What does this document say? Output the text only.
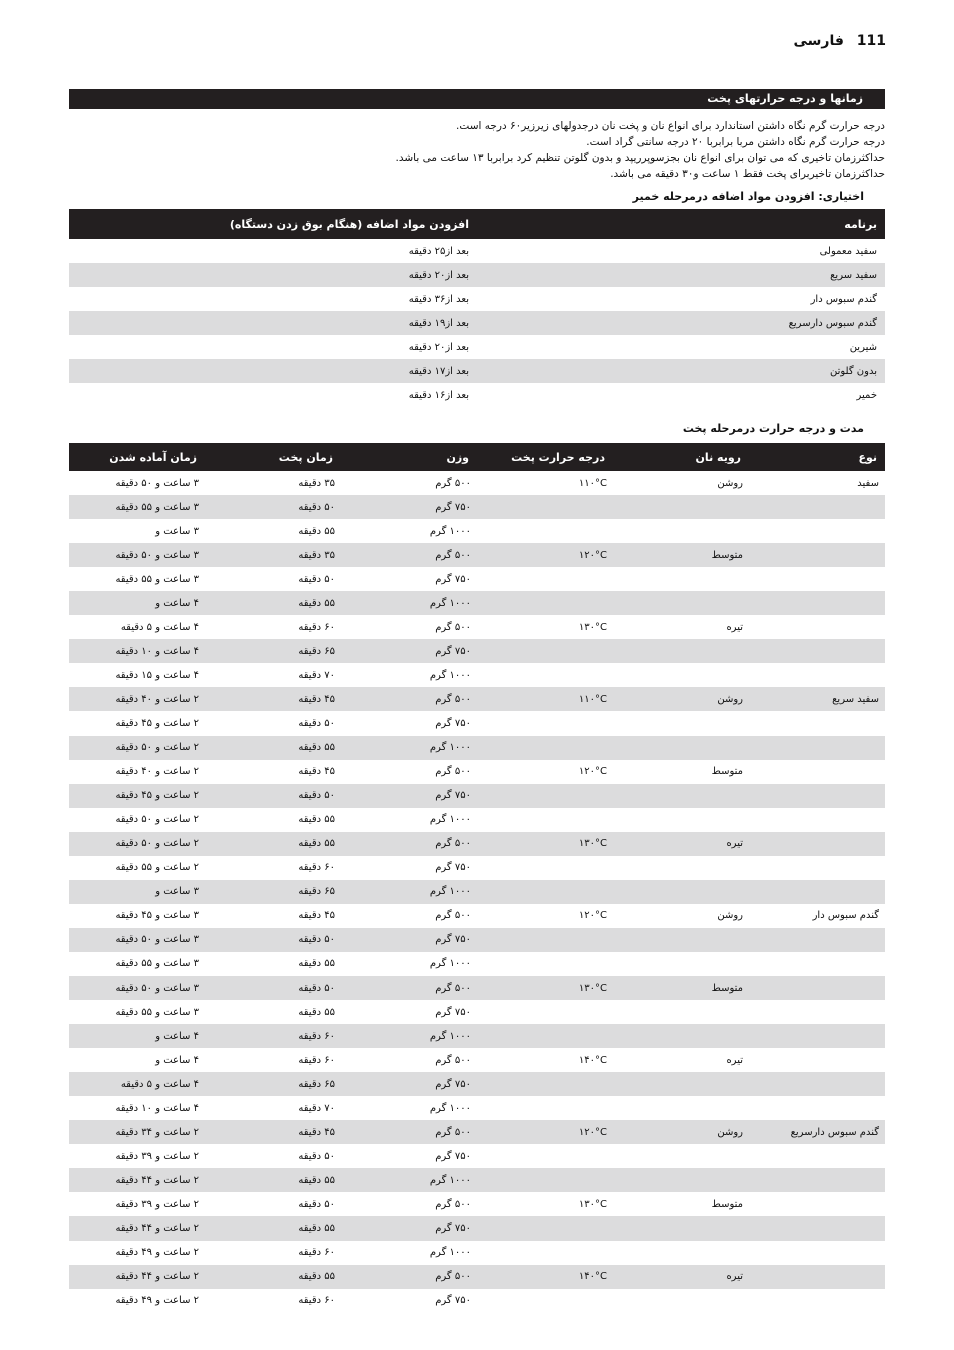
111 فارسی
زمانها و درجه حرارتهای پخت

درجه حرارت گرم نگاه داشتن استاندارد برای انواع نان و پخت نان درجدولهای زیرزیر۶۰ درجه است.

درجه حرارت گرم نگاه داشتن مربا برابربا ۲۰ درجه سانتی گراد است.

حداکثرزمان تاخیری که می توان برای انواع نان بجزسوپرریپد و بدون گلوتن تنظیم کرد برابربا ۱۳ ساعت می باشد.

حداکثرزمان تاخیربرای پخت فقط ۱ ساعت و۳۰ دقیقه می باشد.

اختیاری: افزودن مواد اضافه درمرحله خمیر
برنامه	افزودن مواد اضافه (هنگام بوق زدن دستگاه)
سفید معمولی	بعد از۲۵ دقیقه
سفید سریع	بعد از۲۰ دقیقه
گندم سبوس دار	بعد از۳۶ دقیقه
گندم سبوس دارسریع	بعد از۱۹ دقیقه
شیرین	بعد از۲۰ دقیقه
بدون گلوتن	بعد از۱۷ دقیقه
خمیر	بعد از۱۶ دقیقه
مدت و درجه حرارت درمرحله پخت
نوع	رویه نان	درجه حرارت پخت	وزن	زمان پخت	زمان آماده شدن
سفید	روشن	۱۱۰°C	۵۰۰ گرم	۳۵ دقیقه	۳ ساعت و ۵۰ دقیقه
			۷۵۰ گرم	۵۰ دقیقه	۳ ساعت و ۵۵ دقیقه
			۱۰۰۰ گرم	۵۵ دقیقه	۳ ساعت و
	متوسط	۱۲۰°C	۵۰۰ گرم	۳۵ دقیقه	۳ ساعت و ۵۰ دقیقه
			۷۵۰ گرم	۵۰ دقیقه	۳ ساعت و ۵۵ دقیقه
			۱۰۰۰ گرم	۵۵ دقیقه	۴ ساعت و
	تیره	۱۳۰°C	۵۰۰ گرم	۶۰ دقیقه	۴ ساعت و ۵ دقیقه
			۷۵۰ گرم	۶۵ دقیقه	۴ ساعت و ۱۰ دقیقه
			۱۰۰۰ گرم	۷۰ دقیقه	۴ ساعت و ۱۵ دقیقه
سفید سریع	روشن	۱۱۰°C	۵۰۰ گرم	۴۵ دقیقه	۲ ساعت و ۴۰ دقیقه
			۷۵۰ گرم	۵۰ دقیقه	۲ ساعت و ۴۵ دقیقه
			۱۰۰۰ گرم	۵۵ دقیقه	۲ ساعت و ۵۰ دقیقه
	متوسط	۱۲۰°C	۵۰۰ گرم	۴۵ دقیقه	۲ ساعت و ۴۰ دقیقه
			۷۵۰ گرم	۵۰ دقیقه	۲ ساعت و ۴۵ دقیقه
			۱۰۰۰ گرم	۵۵ دقیقه	۲ ساعت و ۵۰ دقیقه
	تیره	۱۳۰°C	۵۰۰ گرم	۵۵ دقیقه	۲ ساعت و ۵۰ دقیقه
			۷۵۰ گرم	۶۰ دقیقه	۲ ساعت و ۵۵ دقیقه
			۱۰۰۰ گرم	۶۵ دقیقه	۳ ساعت و
گندم سبوس دار	روشن	۱۲۰°C	۵۰۰ گرم	۴۵ دقیقه	۳ ساعت و ۴۵ دقیقه
			۷۵۰ گرم	۵۰ دقیقه	۳ ساعت و ۵۰ دقیقه
			۱۰۰۰ گرم	۵۵ دقیقه	۳ ساعت و ۵۵ دقیقه
	متوسط	۱۳۰°C	۵۰۰ گرم	۵۰ دقیقه	۳ ساعت و ۵۰ دقیقه
			۷۵۰ گرم	۵۵ دقیقه	۳ ساعت و ۵۵ دقیقه
			۱۰۰۰ گرم	۶۰ دقیقه	۴ ساعت و
	تیره	۱۴۰°C	۵۰۰ گرم	۶۰ دقیقه	۴ ساعت و
			۷۵۰ گرم	۶۵ دقیقه	۴ ساعت و ۵ دقیقه
			۱۰۰۰ گرم	۷۰ دقیقه	۴ ساعت و ۱۰ دقیقه
گندم سبوس دارسریع	روشن	۱۲۰°C	۵۰۰ گرم	۴۵ دقیقه	۲ ساعت و ۳۴ دقیقه
			۷۵۰ گرم	۵۰ دقیقه	۲ ساعت و ۳۹ دقیقه
			۱۰۰۰ گرم	۵۵ دقیقه	۲ ساعت و ۴۴ دقیقه
	متوسط	۱۳۰°C	۵۰۰ گرم	۵۰ دقیقه	۲ ساعت و ۳۹ دقیقه
			۷۵۰ گرم	۵۵ دقیقه	۲ ساعت و ۴۴ دقیقه
			۱۰۰۰ گرم	۶۰ دقیقه	۲ ساعت و ۴۹ دقیقه
	تیره	۱۴۰°C	۵۰۰ گرم	۵۵ دقیقه	۲ ساعت و ۴۴ دقیقه
			۷۵۰ گرم	۶۰ دقیقه	۲ ساعت و ۴۹ دقیقه
